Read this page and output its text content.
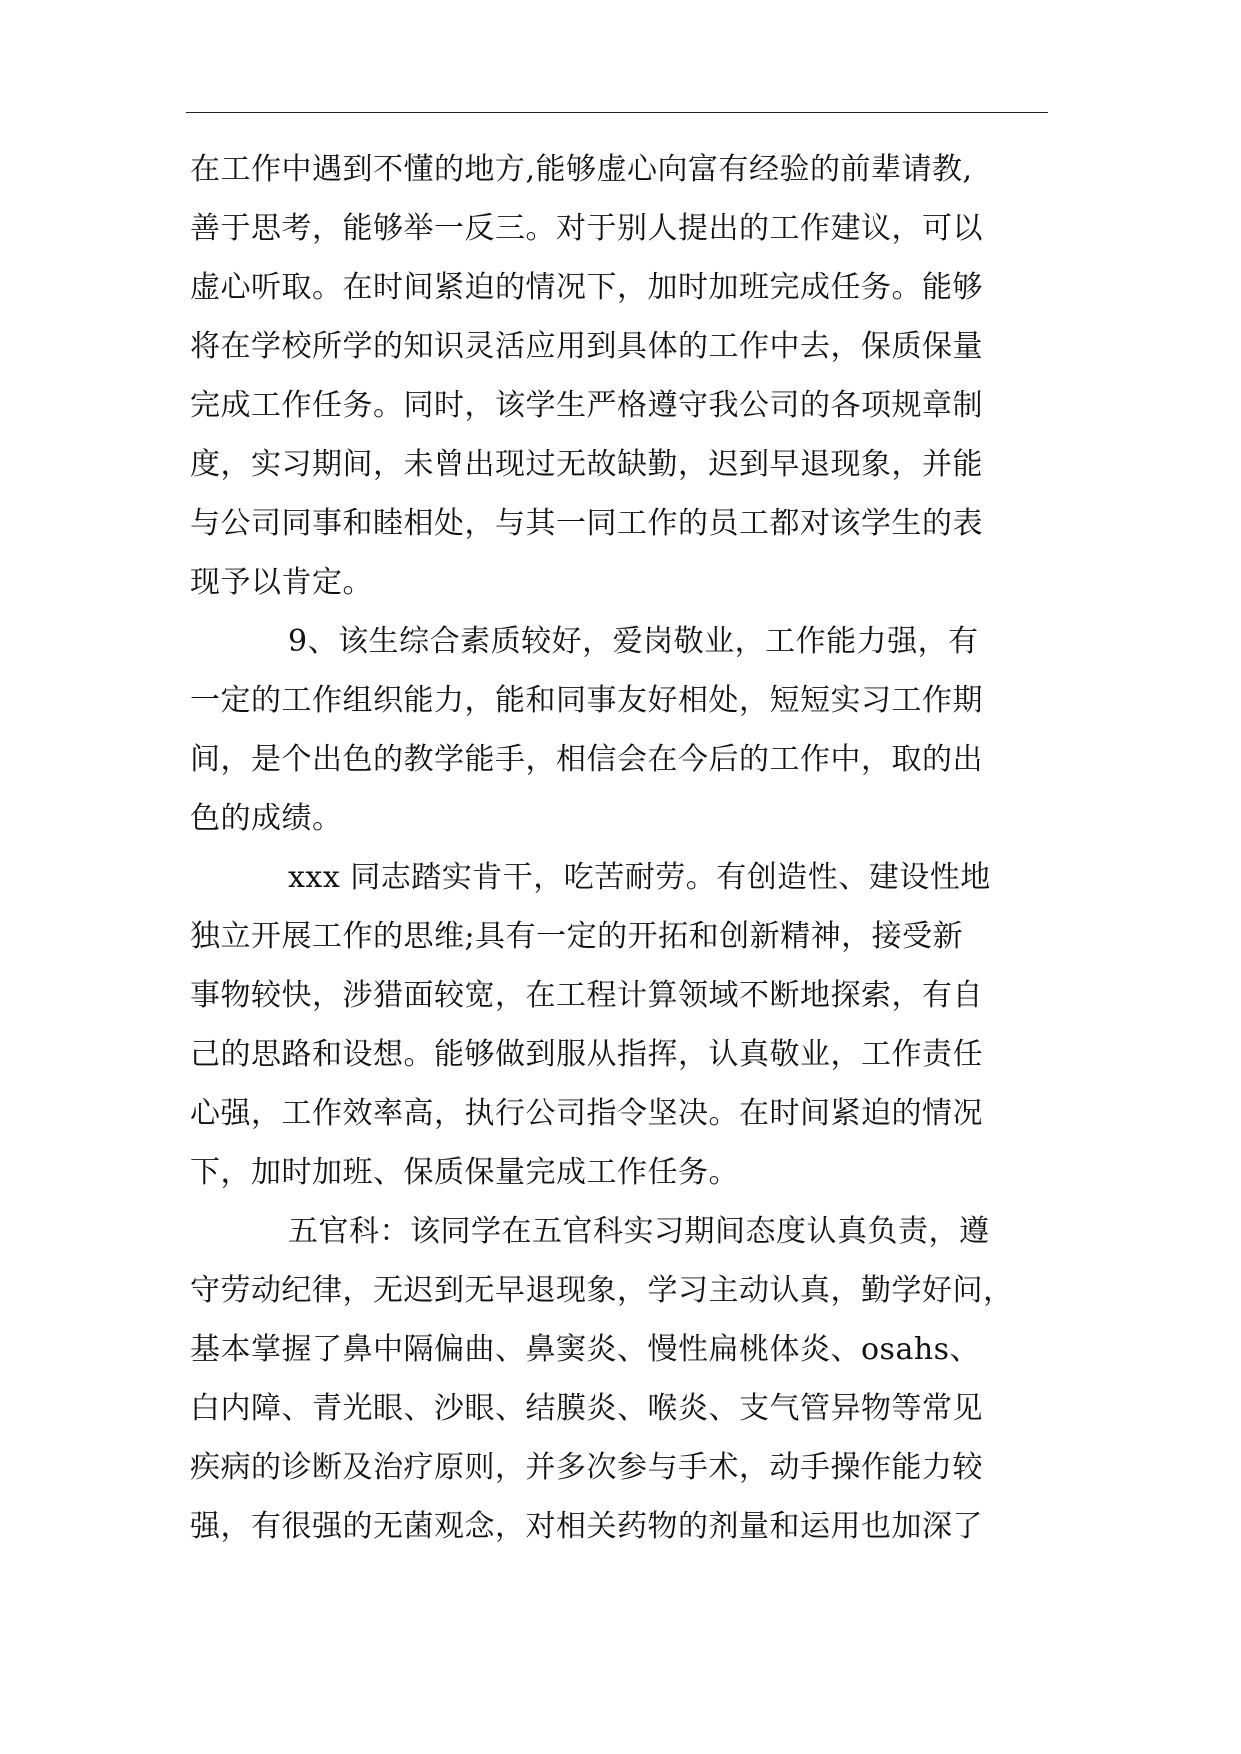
在工作中遇到不懂的地方,能够虚心向富有经验的前辈请教,
善于思考，能够举一反三。对于别人提出的工作建议，可以
虚心听取。在时间紧迫的情况下，加时加班完成任务。能够
将在学校所学的知识灵活应用到具体的工作中去，保质保量
完成工作任务。同时，该学生严格遵守我公司的各项规章制
度，实习期间，未曾出现过无故缺勤，迟到早退现象，并能
与公司同事和睦相处，与其一同工作的员工都对该学生的表
现予以肯定。
9、该生综合素质较好，爱岗敬业，工作能力强，有
一定的工作组织能力，能和同事友好相处，短短实习工作期
间，是个出色的教学能手，相信会在今后的工作中，取的出
色的成绩。
xxx 同志踏实肯干，吃苦耐劳。有创造性、建设性地
独立开展工作的思维;具有一定的开拓和创新精神，接受新
事物较快，涉猎面较宽，在工程计算领域不断地探索，有自
己的思路和设想。能够做到服从指挥，认真敬业，工作责任
心强，工作效率高，执行公司指令坚决。在时间紧迫的情况
下，加时加班、保质保量完成工作任务。
五官科：该同学在五官科实习期间态度认真负责，遵
守劳动纪律，无迟到无早退现象，学习主动认真，勤学好问，
基本掌握了鼻中隔偏曲、鼻窦炎、慢性扁桃体炎、osahs、
白内障、青光眼、沙眼、结膜炎、喉炎、支气管异物等常见
疾病的诊断及治疗原则，并多次参与手术，动手操作能力较
强，有很强的无菌观念，对相关药物的剂量和运用也加深了
